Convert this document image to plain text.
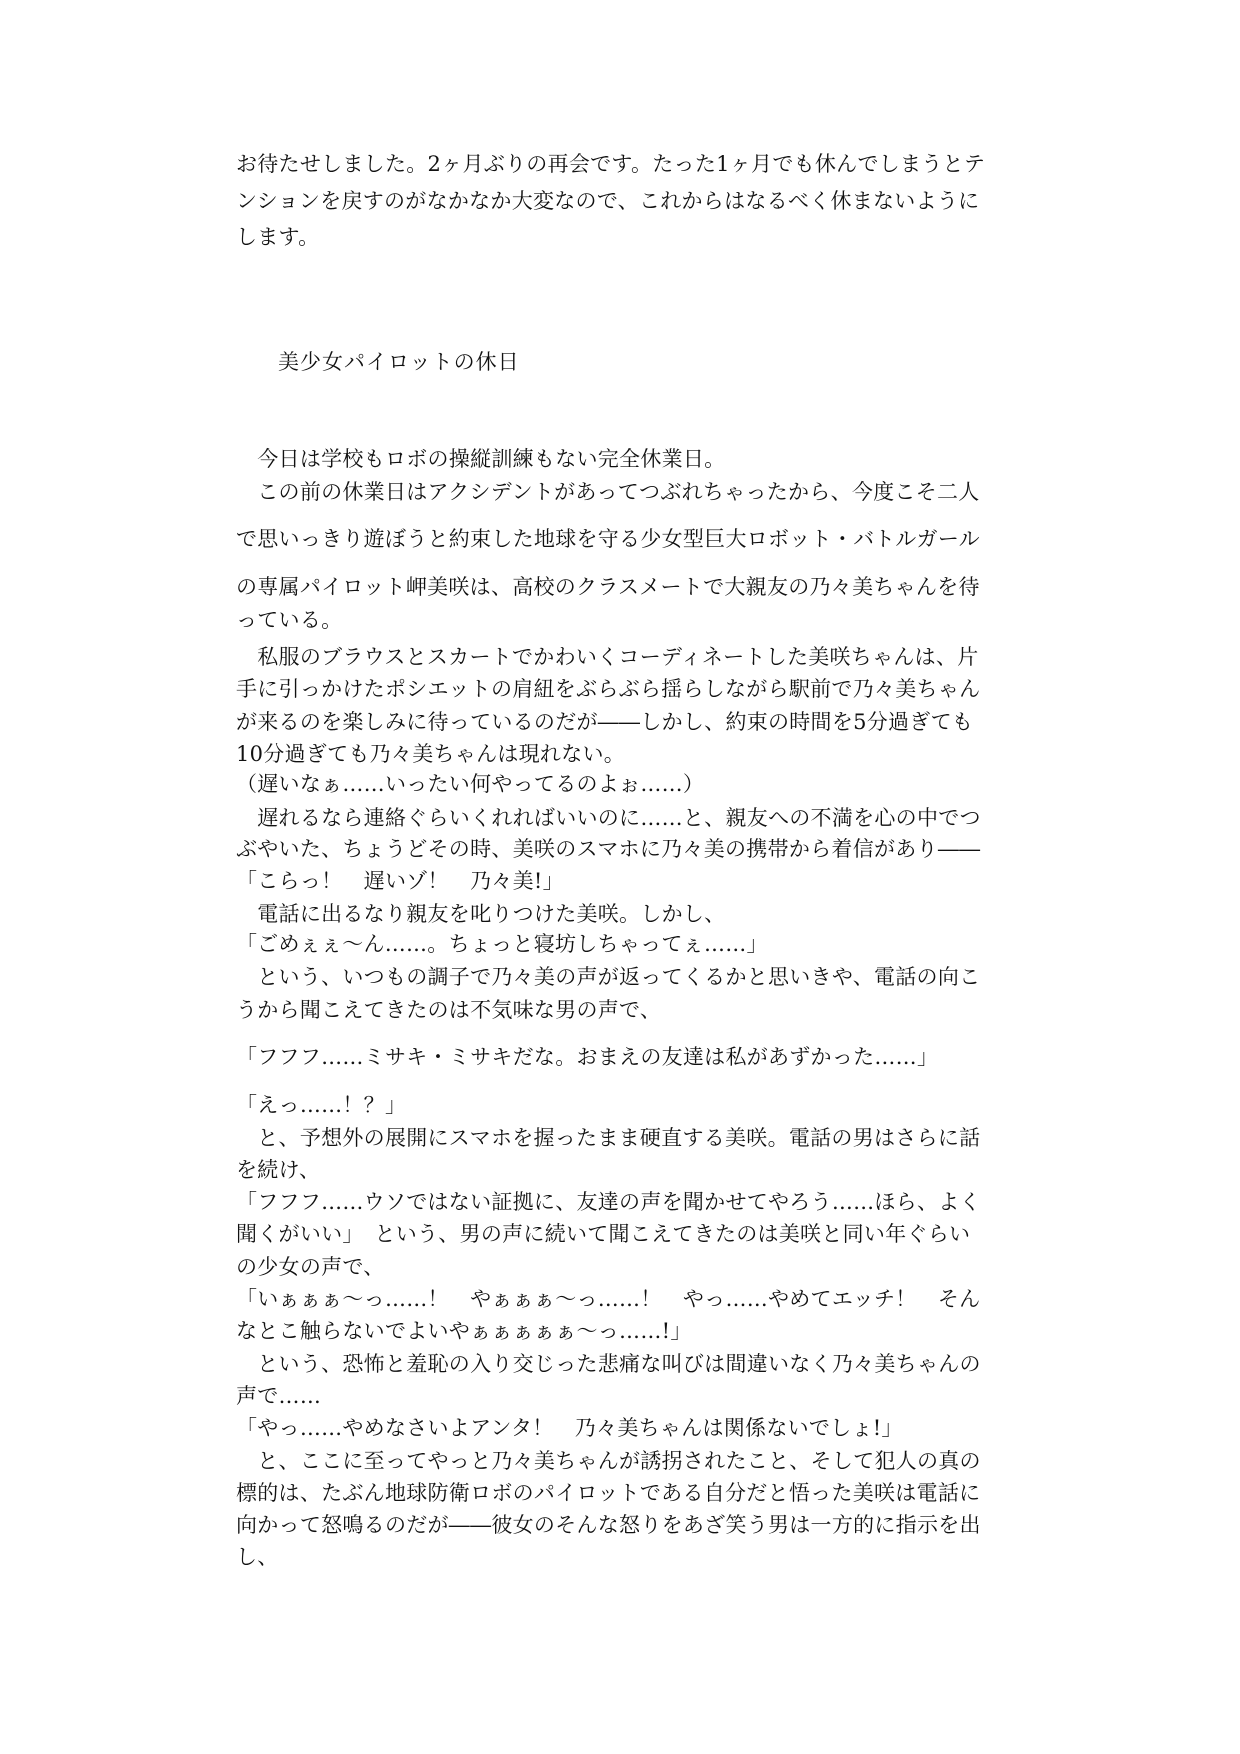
お待たせしました。2ヶ月ぶりの再会です。たった1ヶ月でも休んでしまうとテ
ンションを戻すのがなかなか大変なので、これからはなるべく休まないように
します。
美少女パイロットの休日
　今日は学校もロボの操縦訓練もない完全休業日。
　この前の休業日はアクシデントがあってつぶれちゃったから、今度こそ二人
で思いっきり遊ぼうと約束した地球を守る少女型巨大ロボット・バトルガール
の専属パイロット岬美咲は、高校のクラスメートで大親友の乃々美ちゃんを待
っている。
　私服のブラウスとスカートでかわいくコーディネートした美咲ちゃんは、片
手に引っかけたポシエットの肩紐をぶらぶら揺らしながら駅前で乃々美ちゃん
が来るのを楽しみに待っているのだが――しかし、約束の時間を5分過ぎても
10分過ぎても乃々美ちゃんは現れない。
（遅いなぁ……いったい何やってるのよぉ……）
　遅れるなら連絡ぐらいくれればいいのに……と、親友への不満を心の中でつ
ぶやいた、ちょうどその時、美咲のスマホに乃々美の携帯から着信があり――
「こらっ！　遅いゾ！　乃々美!」
　電話に出るなり親友を叱りつけた美咲。しかし、
「ごめぇぇ～ん……。ちょっと寝坊しちゃってぇ……」
　という、いつもの調子で乃々美の声が返ってくるかと思いきや、電話の向こ
うから聞こえてきたのは不気味な男の声で、
「フフフ……ミサキ・ミサキだな。おまえの友達は私があずかった……」
「えっ……！？」
　と、予想外の展開にスマホを握ったまま硬直する美咲。電話の男はさらに話
を続け、
「フフフ……ウソではない証拠に、友達の声を聞かせてやろう……ほら、よく
聞くがいい」　という、男の声に続いて聞こえてきたのは美咲と同い年ぐらい
の少女の声で、
「いぁぁぁ～っ……！　やぁぁぁ～っ……！　やっ……やめてエッチ！　そん
なとこ触らないでよいやぁぁぁぁぁ～っ……!」
　という、恐怖と羞恥の入り交じった悲痛な叫びは間違いなく乃々美ちゃんの
声で……
「やっ……やめなさいよアンタ！　乃々美ちゃんは関係ないでしょ!」
　と、ここに至ってやっと乃々美ちゃんが誘拐されたこと、そして犯人の真の
標的は、たぶん地球防衛ロボのパイロットである自分だと悟った美咲は電話に
向かって怒鳴るのだが――彼女のそんな怒りをあざ笑う男は一方的に指示を出
し、
